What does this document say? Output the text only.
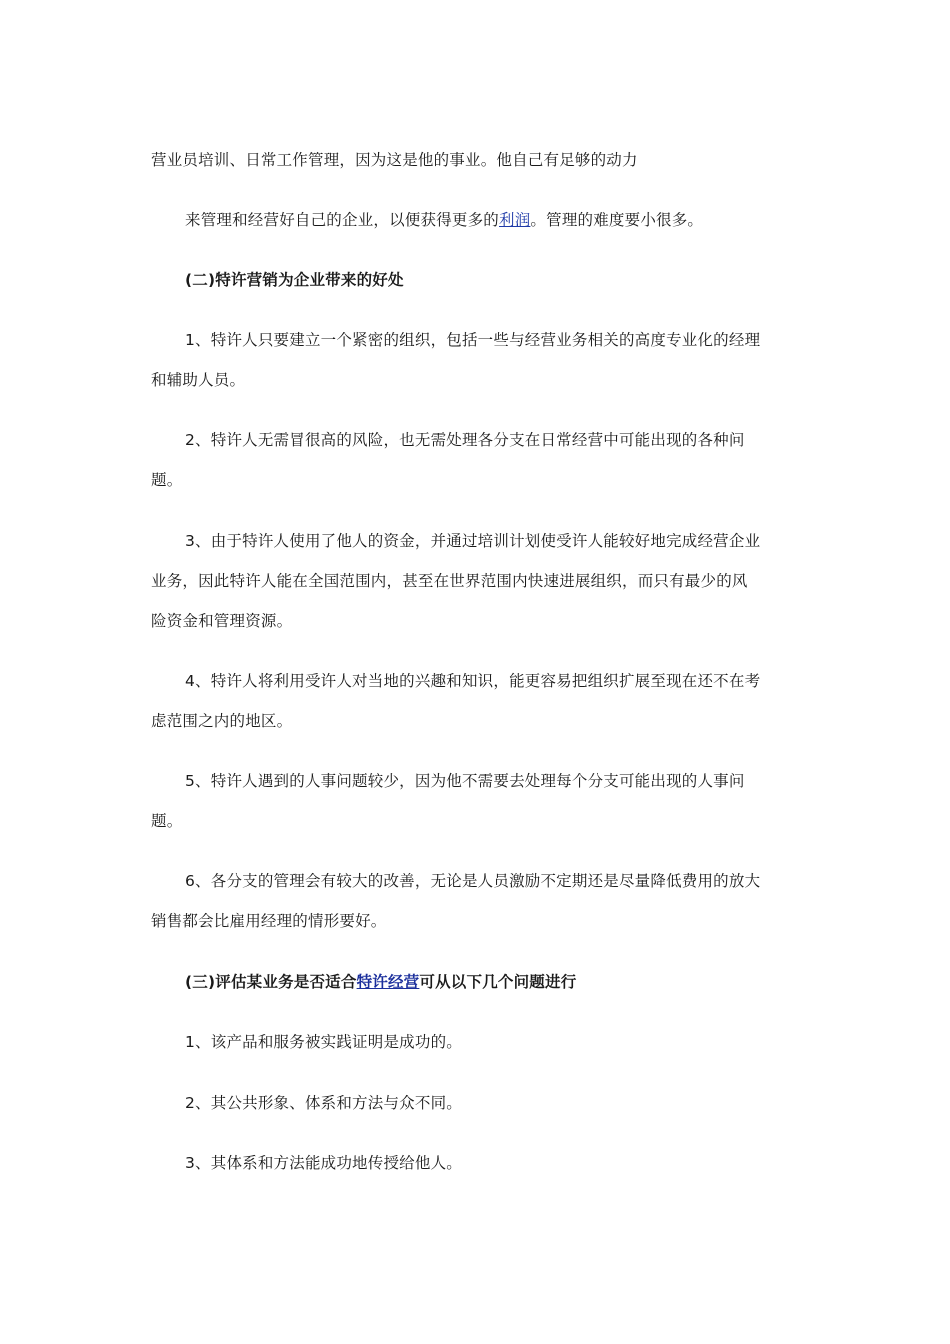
营业员培训、日常工作管理，因为这是他的事业。他自己有足够的动力
来管理和经营好自己的企业，以便获得更多的利润。管理的难度要小很多。
(二)特许营销为企业带来的好处
1、特许人只要建立一个紧密的组织，包括一些与经营业务相关的高度专业化的经理
和辅助人员。
2、特许人无需冒很高的风险，也无需处理各分支在日常经营中可能出现的各种问
题。
3、由于特许人使用了他人的资金，并通过培训计划使受许人能较好地完成经营企业
业务，因此特许人能在全国范围内，甚至在世界范围内快速进展组织，而只有最少的风
险资金和管理资源。
4、特许人将利用受许人对当地的兴趣和知识，能更容易把组织扩展至现在还不在考
虑范围之内的地区。
5、特许人遇到的人事问题较少，因为他不需要去处理每个分支可能出现的人事问
题。
6、各分支的管理会有较大的改善，无论是人员激励不定期还是尽量降低费用的放大
销售都会比雇用经理的情形要好。
(三)评估某业务是否适合特许经营可从以下几个问题进行
1、该产品和服务被实践证明是成功的。
2、其公共形象、体系和方法与众不同。
3、其体系和方法能成功地传授给他人。
